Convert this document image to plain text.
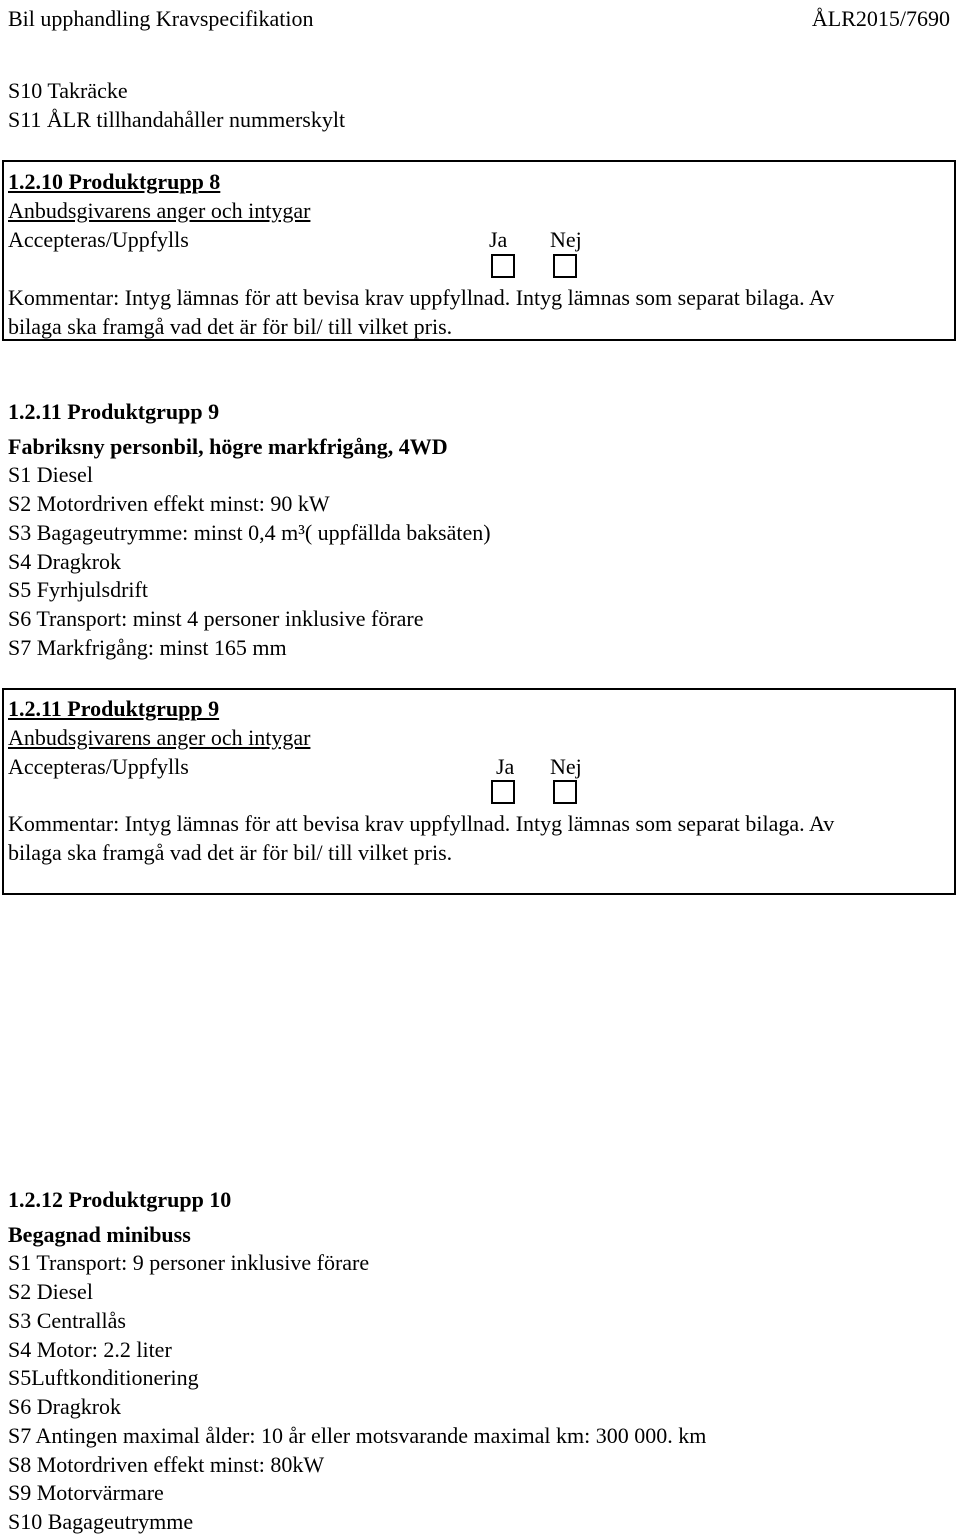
Bil upphandling Kravspecifikation	ÅLR2015/7690
S10 Takräcke
S11 ÅLR tillhandahåller nummerskylt
1.2.10 Produktgrupp 8
Anbudsgivarens anger och intygar
Accepteras/Uppfylls	Ja Nej
Kommentar: Intyg lämnas för att bevisa krav uppfyllnad. Intyg lämnas som separat bilaga. Av
bilaga ska framgå vad det är för bil/ till vilket pris.
1.2.11 Produktgrupp 9
Fabriksny personbil, högre markfrigång, 4WD
S1 Diesel
S2 Motordriven effekt minst: 90 kW
S3 Bagageutrymme: minst 0,4 m³( uppfällda baksäten)
S4 Dragkrok
S5 Fyrhjulsdrift
S6 Transport: minst 4 personer inklusive förare
S7 Markfrigång: minst 165 mm
1.2.11 Produktgrupp 9
Anbudsgivarens anger och intygar
Accepteras/Uppfylls	Ja Nej
Kommentar: Intyg lämnas för att bevisa krav uppfyllnad. Intyg lämnas som separat bilaga. Av
bilaga ska framgå vad det är för bil/ till vilket pris.
1.2.12 Produktgrupp 10
Begagnad minibuss
S1 Transport: 9 personer inklusive förare
S2 Diesel
S3 Centrallås
S4 Motor: 2.2 liter
S5Luftkonditionering
S6 Dragkrok
S7 Antingen maximal ålder: 10 år eller motsvarande maximal km: 300 000. km
S8 Motordriven effekt minst: 80kW
S9 Motorvärmare
S10 Bagageutrymme
